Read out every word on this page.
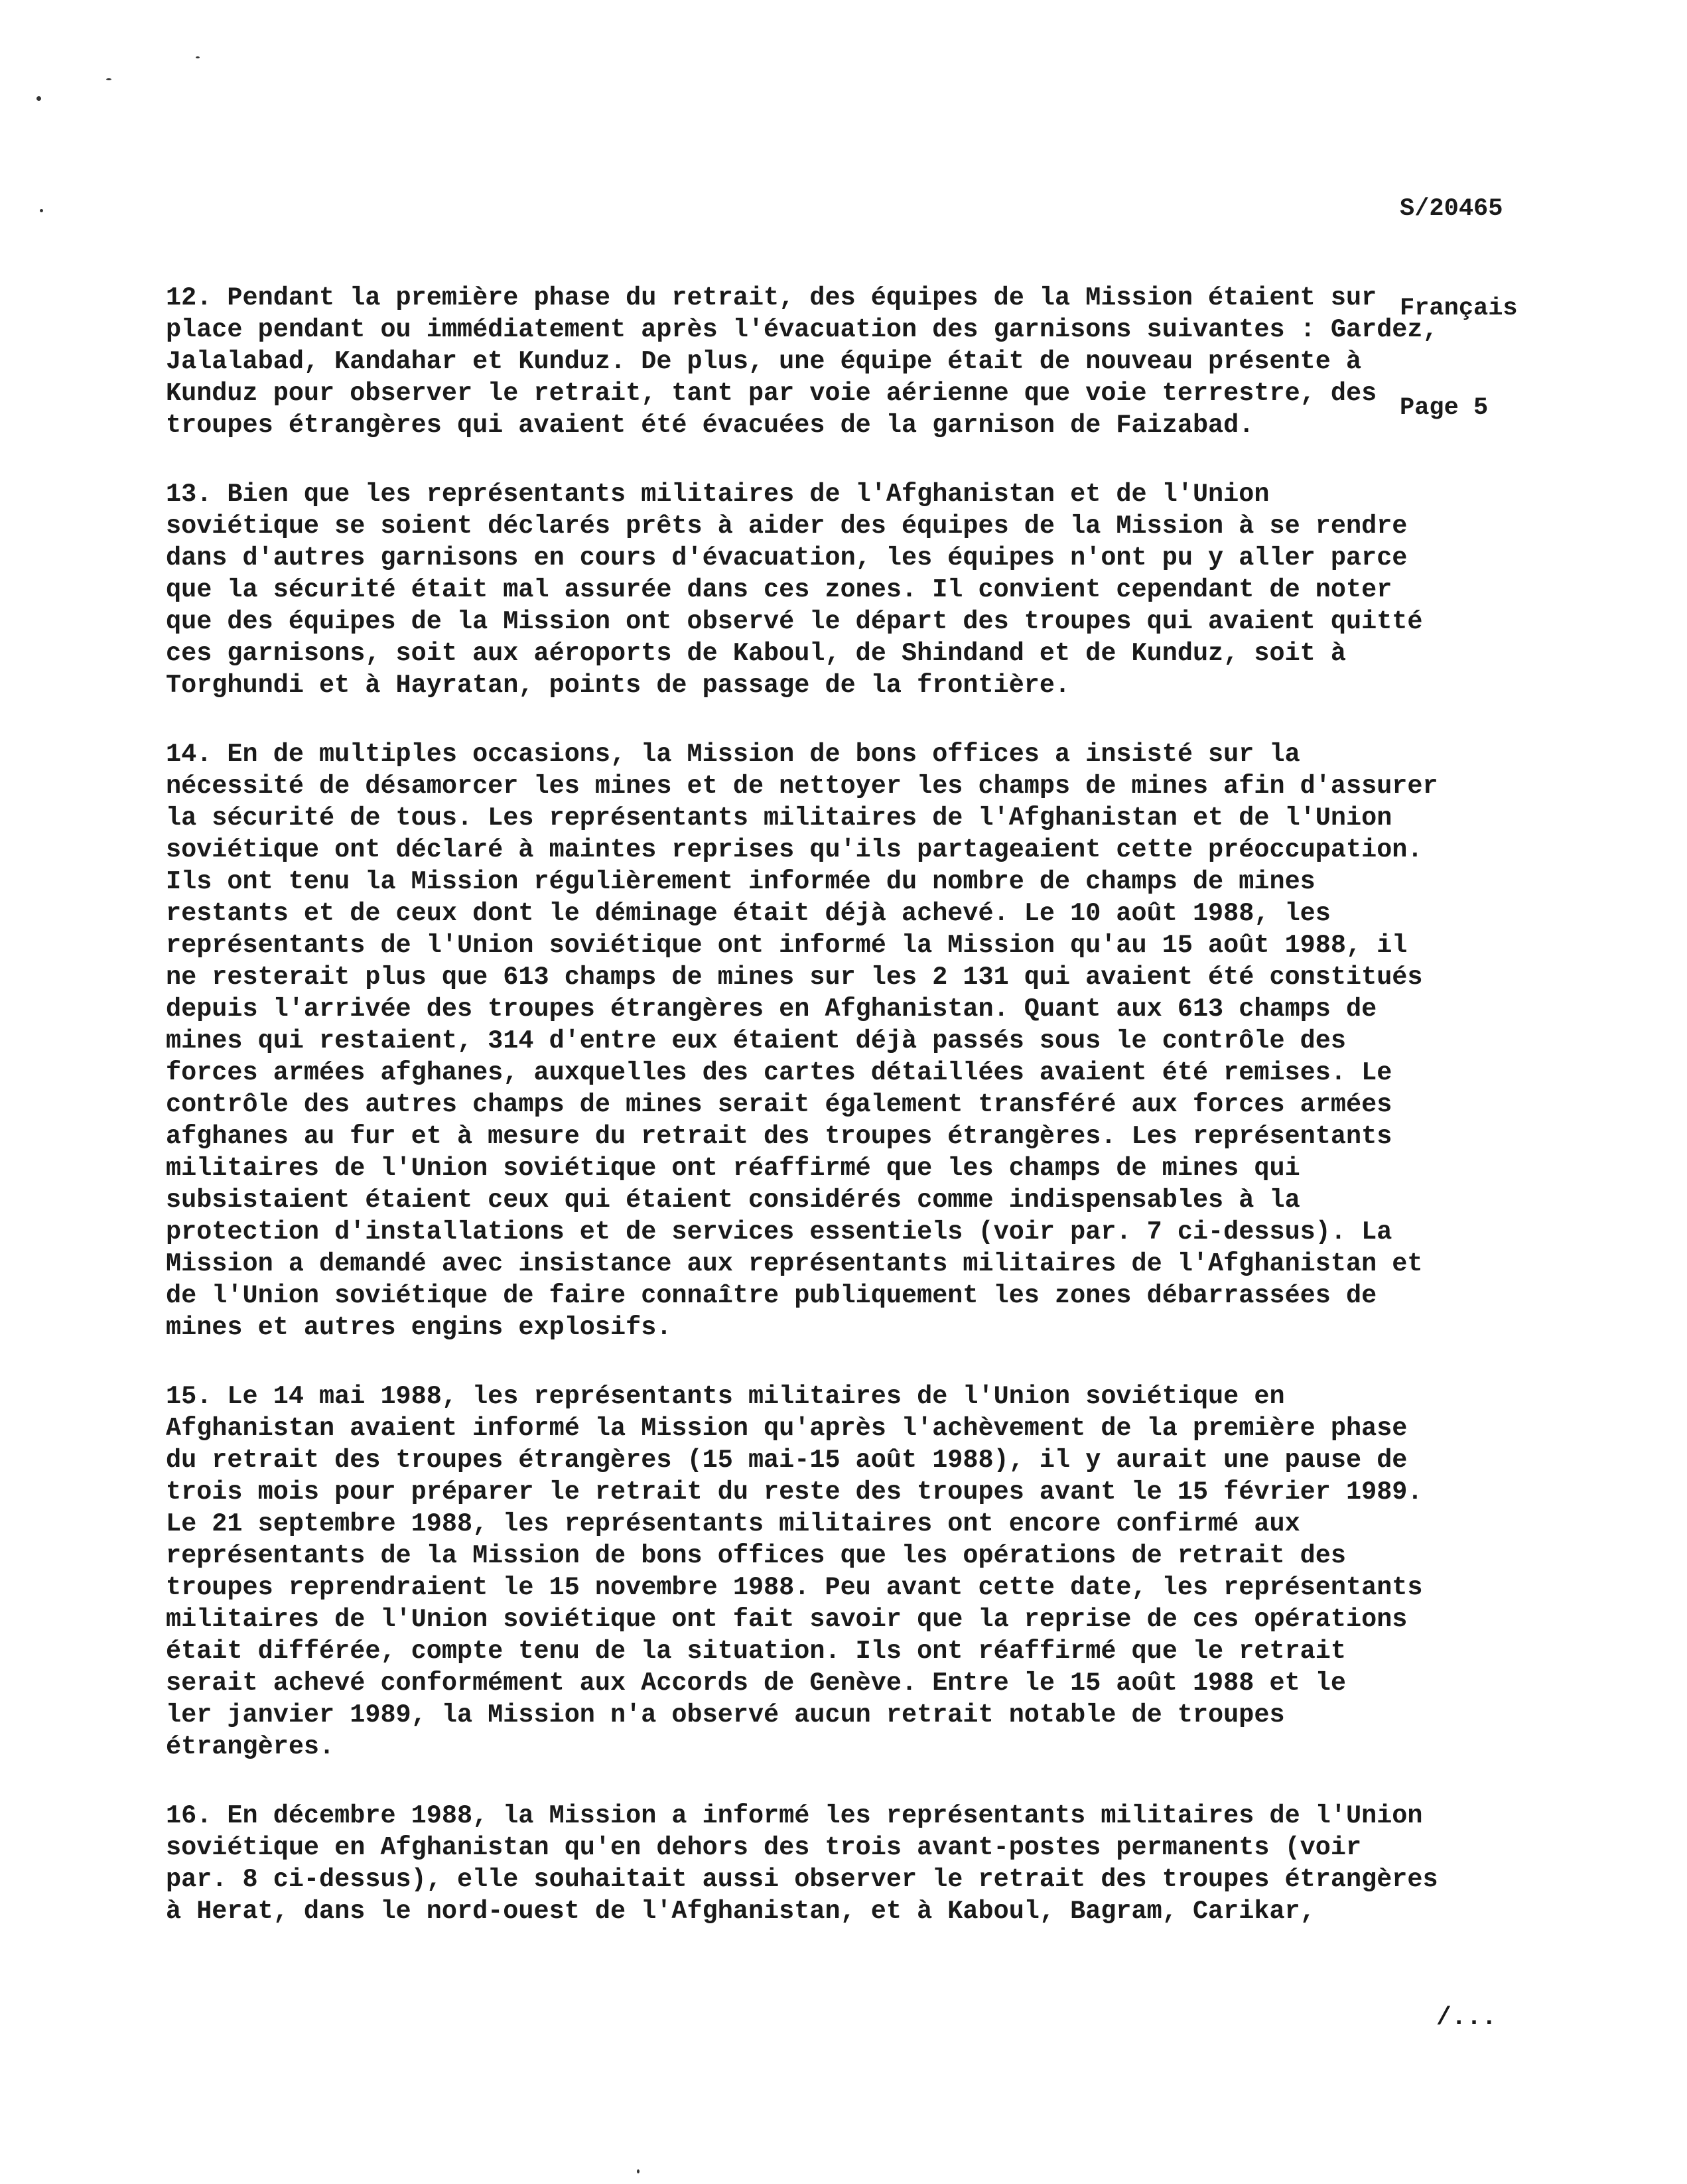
S/20465

Français

Page 5

12. Pendant la première phase du retrait, des équipes de la Mission étaient sur
place pendant ou immédiatement après l'évacuation des garnisons suivantes : Gardez,
Jalalabad, Kandahar et Kunduz. De plus, une équipe était de nouveau présente à
Kunduz pour observer le retrait, tant par voie aérienne que voie terrestre, des
troupes étrangères qui avaient été évacuées de la garnison de Faizabad.
13. Bien que les représentants militaires de l'Afghanistan et de l'Union
soviétique se soient déclarés prêts à aider des équipes de la Mission à se rendre
dans d'autres garnisons en cours d'évacuation, les équipes n'ont pu y aller parce
que la sécurité était mal assurée dans ces zones. Il convient cependant de noter
que des équipes de la Mission ont observé le départ des troupes qui avaient quitté
ces garnisons, soit aux aéroports de Kaboul, de Shindand et de Kunduz, soit à
Torghundi et à Hayratan, points de passage de la frontière.
14. En de multiples occasions, la Mission de bons offices a insisté sur la
nécessité de désamorcer les mines et de nettoyer les champs de mines afin d'assurer
la sécurité de tous. Les représentants militaires de l'Afghanistan et de l'Union
soviétique ont déclaré à maintes reprises qu'ils partageaient cette préoccupation.
Ils ont tenu la Mission régulièrement informée du nombre de champs de mines
restants et de ceux dont le déminage était déjà achevé. Le 10 août 1988, les
représentants de l'Union soviétique ont informé la Mission qu'au 15 août 1988, il
ne resterait plus que 613 champs de mines sur les 2 131 qui avaient été constitués
depuis l'arrivée des troupes étrangères en Afghanistan. Quant aux 613 champs de
mines qui restaient, 314 d'entre eux étaient déjà passés sous le contrôle des
forces armées afghanes, auxquelles des cartes détaillées avaient été remises. Le
contrôle des autres champs de mines serait également transféré aux forces armées
afghanes au fur et à mesure du retrait des troupes étrangères. Les représentants
militaires de l'Union soviétique ont réaffirmé que les champs de mines qui
subsistaient étaient ceux qui étaient considérés comme indispensables à la
protection d'installations et de services essentiels (voir par. 7 ci-dessus). La
Mission a demandé avec insistance aux représentants militaires de l'Afghanistan et
de l'Union soviétique de faire connaître publiquement les zones débarrassées de
mines et autres engins explosifs.
15. Le 14 mai 1988, les représentants militaires de l'Union soviétique en
Afghanistan avaient informé la Mission qu'après l'achèvement de la première phase
du retrait des troupes étrangères (15 mai-15 août 1988), il y aurait une pause de
trois mois pour préparer le retrait du reste des troupes avant le 15 février 1989.
Le 21 septembre 1988, les représentants militaires ont encore confirmé aux
représentants de la Mission de bons offices que les opérations de retrait des
troupes reprendraient le 15 novembre 1988. Peu avant cette date, les représentants
militaires de l'Union soviétique ont fait savoir que la reprise de ces opérations
était différée, compte tenu de la situation. Ils ont réaffirmé que le retrait
serait achevé conformément aux Accords de Genève. Entre le 15 août 1988 et le
ler janvier 1989, la Mission n'a observé aucun retrait notable de troupes
étrangères.
16. En décembre 1988, la Mission a informé les représentants militaires de l'Union
soviétique en Afghanistan qu'en dehors des trois avant-postes permanents (voir
par. 8 ci-dessus), elle souhaitait aussi observer le retrait des troupes étrangères
à Herat, dans le nord-ouest de l'Afghanistan, et à Kaboul, Bagram, Carikar,
/...
